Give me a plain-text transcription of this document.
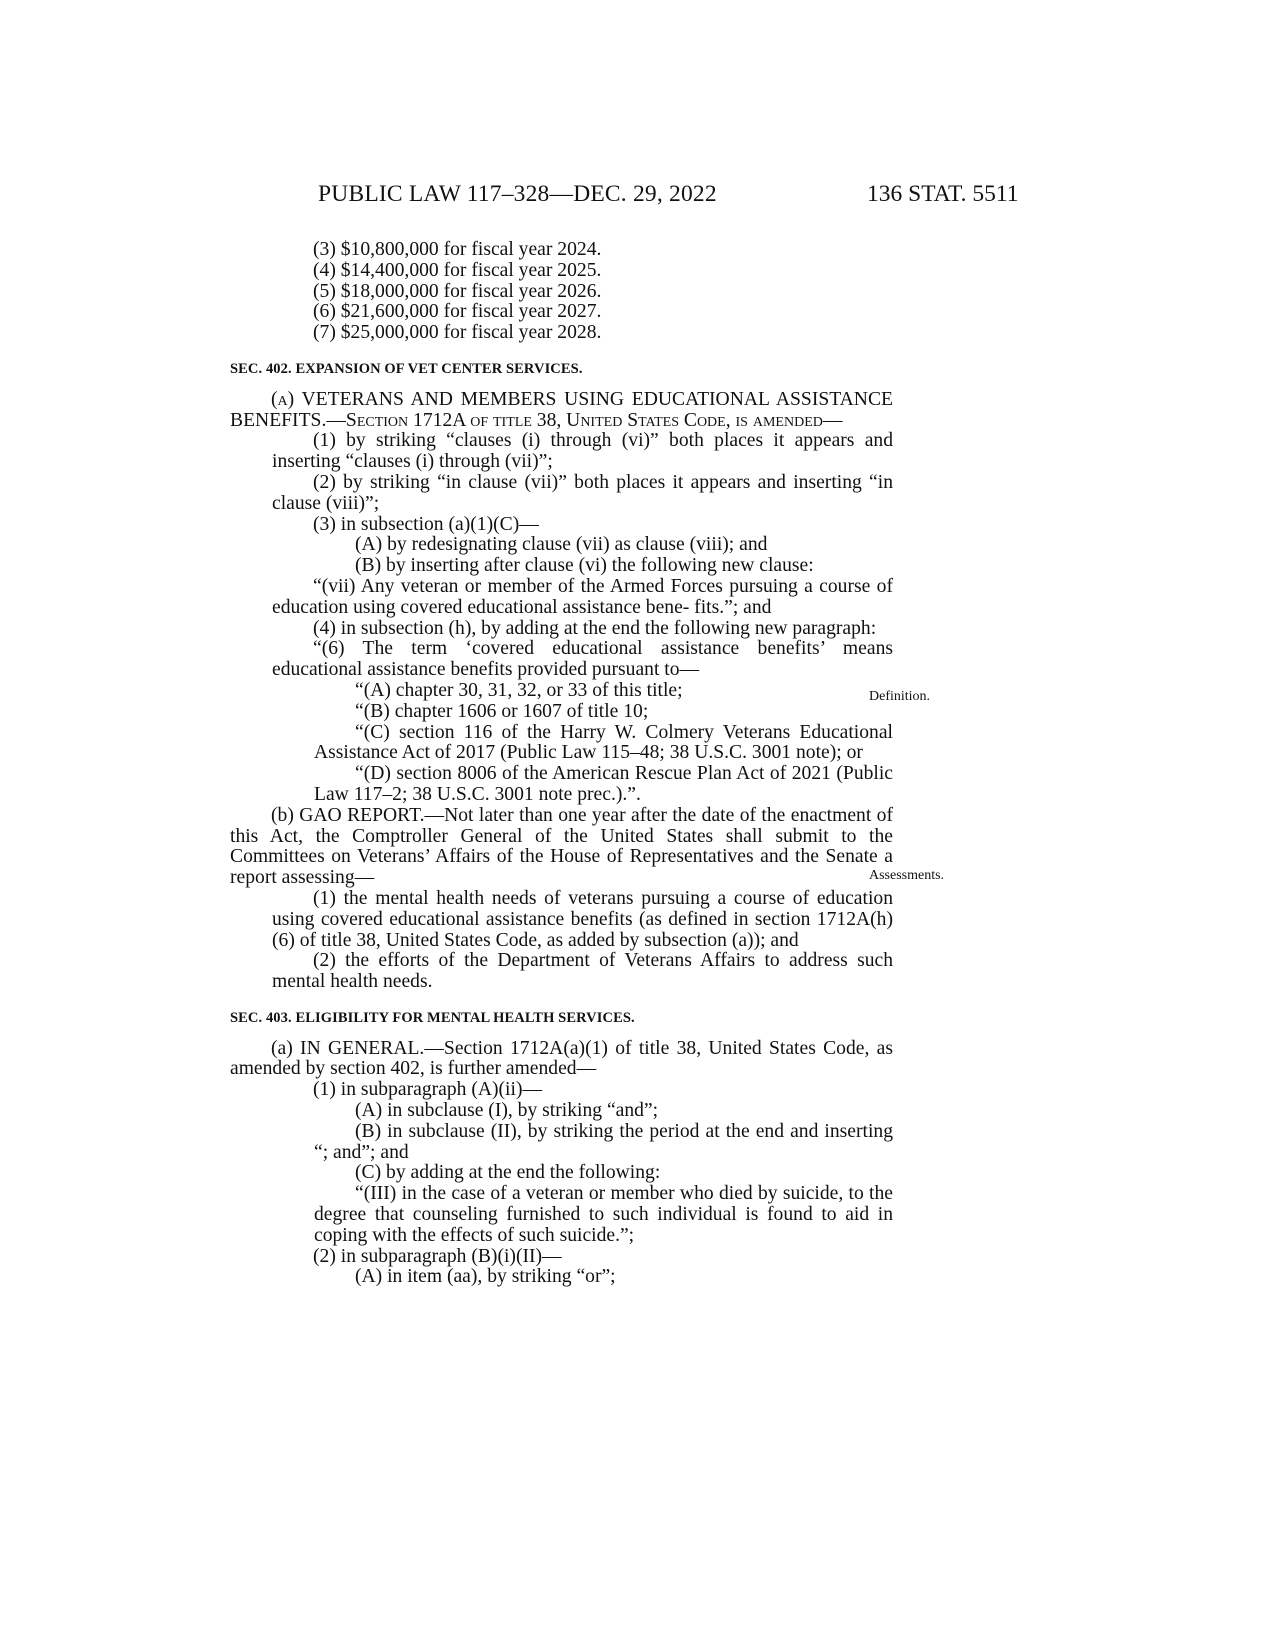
PUBLIC LAW 117–328—DEC. 29, 2022	136 STAT. 5511

(3) $10,800,000 for fiscal year 2024.

(4) $14,400,000 for fiscal year 2025.

(5) $18,000,000 for fiscal year 2026.

(6) $21,600,000 for fiscal year 2027.

(7) $25,000,000 for fiscal year 2028.

SEC. 402. EXPANSION OF VET CENTER SERVICES.

(a) VETERANS AND MEMBERS USING EDUCATIONAL ASSISTANCE BENEFITS.—Section 1712A of title 38, United States Code, is amended—

(1) by striking “clauses (i) through (vi)” both places it appears and inserting “clauses (i) through (vii)”;

(2) by striking “in clause (vii)” both places it appears and inserting “in clause (viii)”;

(3) in subsection (a)(1)(C)—

(A) by redesignating clause (vii) as clause (viii); and

(B) by inserting after clause (vi) the following new clause:

“(vii) Any veteran or member of the Armed Forces pursuing a course of education using covered educational assistance bene- fits.”; and

(4) in subsection (h), by adding at the end the following new paragraph:

“(6) The term ‘covered educational assistance benefits’ means educational assistance benefits provided pursuant to—

“(A) chapter 30, 31, 32, or 33 of this title;

“(B) chapter 1606 or 1607 of title 10;

“(C) section 116 of the Harry W. Colmery Veterans Educational Assistance Act of 2017 (Public Law 115–48; 38 U.S.C. 3001 note); or

“(D) section 8006 of the American Rescue Plan Act of 2021 (Public Law 117–2; 38 U.S.C. 3001 note prec.).”.

(b) GAO REPORT.—Not later than one year after the date of the enactment of this Act, the Comptroller General of the United States shall submit to the Committees on Veterans’ Affairs of the House of Representatives and the Senate a report assessing—

(1) the mental health needs of veterans pursuing a course of education using covered educational assistance benefits (as defined in section 1712A(h)(6) of title 38, United States Code, as added by subsection (a)); and

(2) the efforts of the Department of Veterans Affairs to address such mental health needs.

SEC. 403. ELIGIBILITY FOR MENTAL HEALTH SERVICES.

(a) IN GENERAL.—Section 1712A(a)(1) of title 38, United States Code, as amended by section 402, is further amended—

(1) in subparagraph (A)(ii)—

(A) in subclause (I), by striking “and”;

(B) in subclause (II), by striking the period at the end and inserting “; and”; and

(C) by adding at the end the following:

“(III) in the case of a veteran or member who died by suicide, to the degree that counseling furnished to such individual is found to aid in coping with the effects of such suicide.”;

(2) in subparagraph (B)(i)(II)—

(A) in item (aa), by striking “or”;

Definition.
Assessments.
